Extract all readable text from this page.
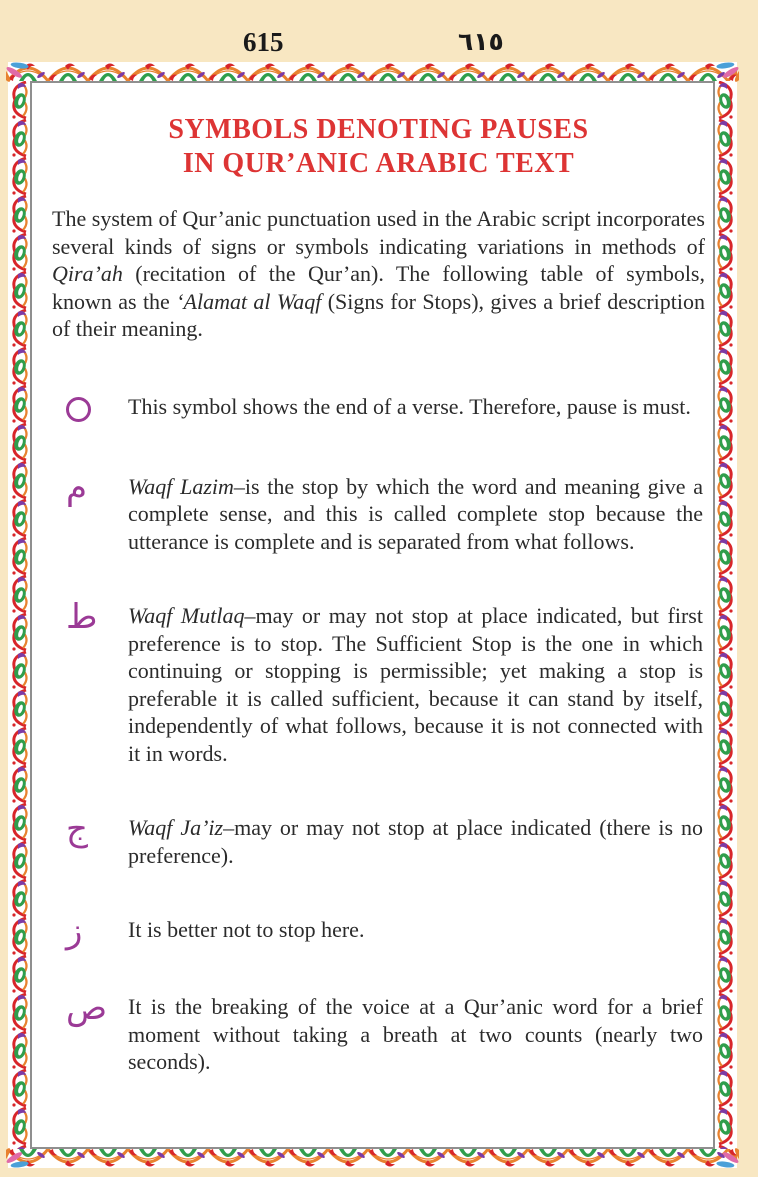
615	٦١٥
SYMBOLS DENOTING PAUSES
IN QUR’ANIC ARABIC TEXT

The system of Qur’anic punctuation used in the Arabic script incorporates several kinds of signs or symbols indicating variations in methods of Qira’ah (recitation of the Qur’an). The following table of symbols, known as the ‘Alamat al Waqf (Signs for Stops), gives a brief description of their meaning.

This symbol shows the end of a verse. Therefore, pause is must.
م	Waqf Lazim–is the stop by which the word and meaning give a complete sense, and this is called complete stop because the utterance is complete and is separated from what follows.
ط	Waqf Mutlaq–may or may not stop at place indicated, but first preference is to stop. The Sufficient Stop is the one in which continuing or stopping is permissible; yet making a stop is preferable it is called sufficient, because it can stand by itself, independently of what follows, because it is not connected with it in words.
ج	Waqf Ja’iz–may or may not stop at place indicated (there is no preference).
ز	It is better not to stop here.
ص It is the breaking of the voice at a Qur’anic word for a brief moment without taking a breath at two counts (nearly two seconds).
